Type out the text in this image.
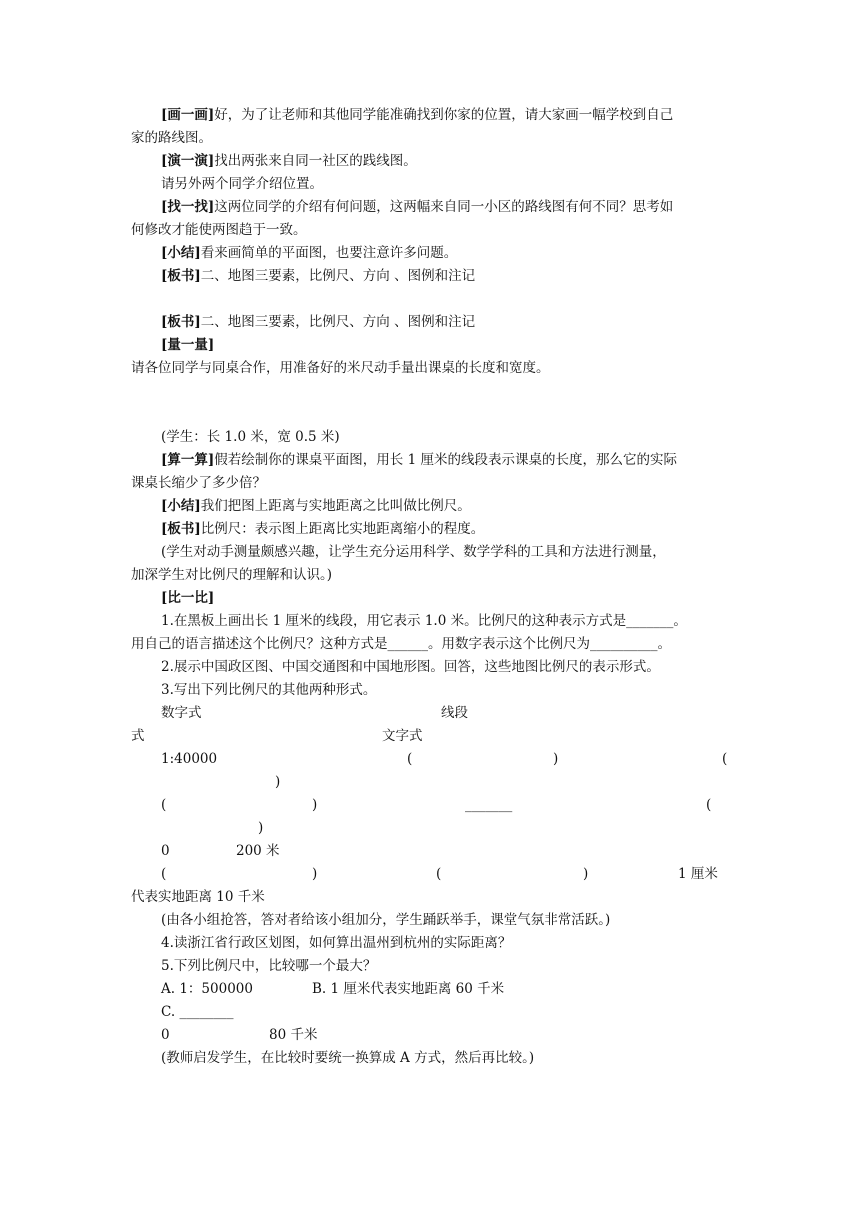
[画一画]好，为了让老师和其他同学能准确找到你家的位置，请大家画一幅学校到自己
家的路线图。
[演一演]找出两张来自同一社区的践线图。
请另外两个同学介绍位置。
[找一找]这两位同学的介绍有何问题，这两幅来自同一小区的路线图有何不同？思考如
何修改才能使两图趋于一致。
[小结]看来画简单的平面图，也要注意许多问题。
[板书]二、地图三要素，比例尺、方向 、图例和注记
[板书]二、地图三要素，比例尺、方向 、图例和注记
[量一量]
请各位同学与同桌合作，用准备好的米尺动手量出课桌的长度和宽度。
(学生：长 1.0 米，宽 0.5 米)
[算一算]假若绘制你的课桌平面图，用长 1 厘米的线段表示课桌的长度，那么它的实际
课桌长缩少了多少倍？
[小结]我们把图上距离与实地距离之比叫做比例尺。
[板书]比例尺：表示图上距离比实地距离缩小的程度。
(学生对动手测量颇感兴趣，让学生充分运用科学、数学学科的工具和方法进行测量，
加深学生对比例尺的理解和认识。)
[比一比]
1.在黑板上画出长 1 厘米的线段，用它表示 1.0 米。比例尺的这种表示方式是_______。
用自己的语言描述这个比例尺？这种方式是______。用数字表示这个比例尺为__________。
2.展示中国政区图、中国交通图和中国地形图。回答，这些地图比例尺的表示形式。
3.写出下列比例尺的其他两种形式。
数字式	线段
式	文字式
1:40000	(	)	(
)
(	)	_______	(
)
0	200 米
(	)	(	)	1 厘米
代表实地距离 10 千米
(由各小组抢答，答对者给该小组加分，学生踊跃举手，课堂气氛非常活跃。)
4.读浙江省行政区划图，如何算出温州到杭州的实际距离？
5.下列比例尺中，比较哪一个最大？
A. 1：500000	B. 1 厘米代表实地距离 60 千米
C. ________
0	80 千米
(教师启发学生，在比较时要统一换算成 A 方式，然后再比较。)
